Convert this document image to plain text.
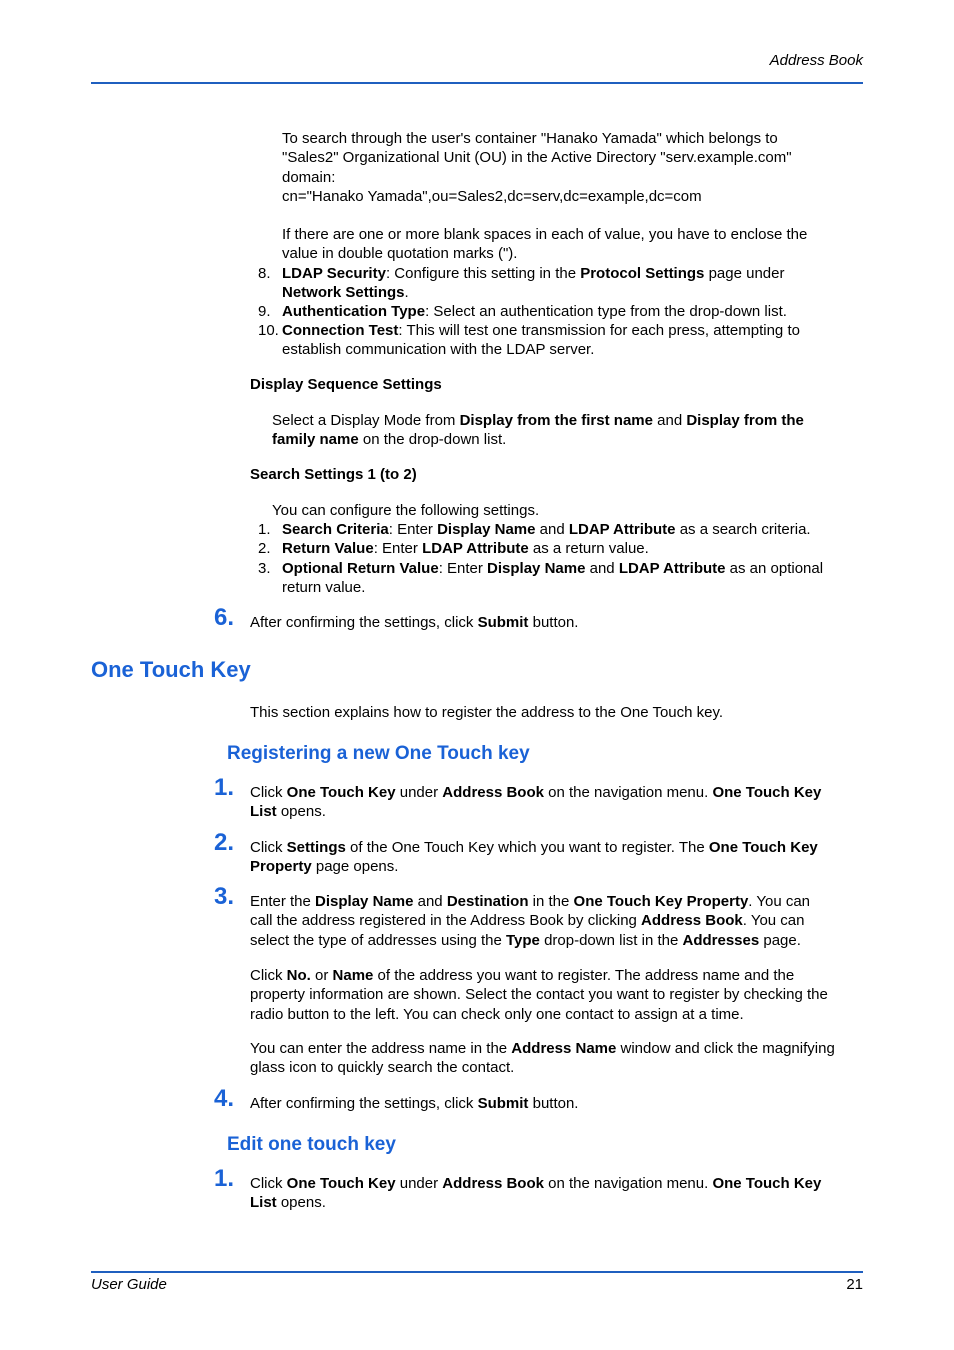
Address Book
To search through the user's container "Hanako Yamada" which belongs to
"Sales2" Organizational Unit (OU) in the Active Directory "serv.example.com"
domain:
cn="Hanako Yamada",ou=Sales2,dc=serv,dc=example,dc=com
If there are one or more blank spaces in each of value, you have to enclose the
value in double quotation marks (").
8. LDAP Security: Configure this setting in the Protocol Settings page under
Network Settings.
9. Authentication Type: Select an authentication type from the drop-down list.
10. Connection Test: This will test one transmission for each press, attempting to
establish communication with the LDAP server.
Display Sequence Settings
Select a Display Mode from Display from the first name and Display from the
family name on the drop-down list.
Search Settings 1 (to 2)
You can configure the following settings.
1. Search Criteria: Enter Display Name and LDAP Attribute as a search criteria.
2. Return Value: Enter LDAP Attribute as a return value.
3. Optional Return Value: Enter Display Name and LDAP Attribute as an optional
return value.
6. After confirming the settings, click Submit button.
One Touch Key
This section explains how to register the address to the One Touch key.
Registering a new One Touch key
1. Click One Touch Key under Address Book on the navigation menu. One Touch Key
List opens.
2. Click Settings of the One Touch Key which you want to register. The One Touch Key
Property page opens.
3. Enter the Display Name and Destination in the One Touch Key Property. You can
call the address registered in the Address Book by clicking Address Book. You can
select the type of addresses using the Type drop-down list in the Addresses page.
Click No. or Name of the address you want to register. The address name and the
property information are shown. Select the contact you want to register by checking the
radio button to the left. You can check only one contact to assign at a time.
You can enter the address name in the Address Name window and click the magnifying
glass icon to quickly search the contact.
4. After confirming the settings, click Submit button.
Edit one touch key
1. Click One Touch Key under Address Book on the navigation menu. One Touch Key
List opens.
User Guide	21
